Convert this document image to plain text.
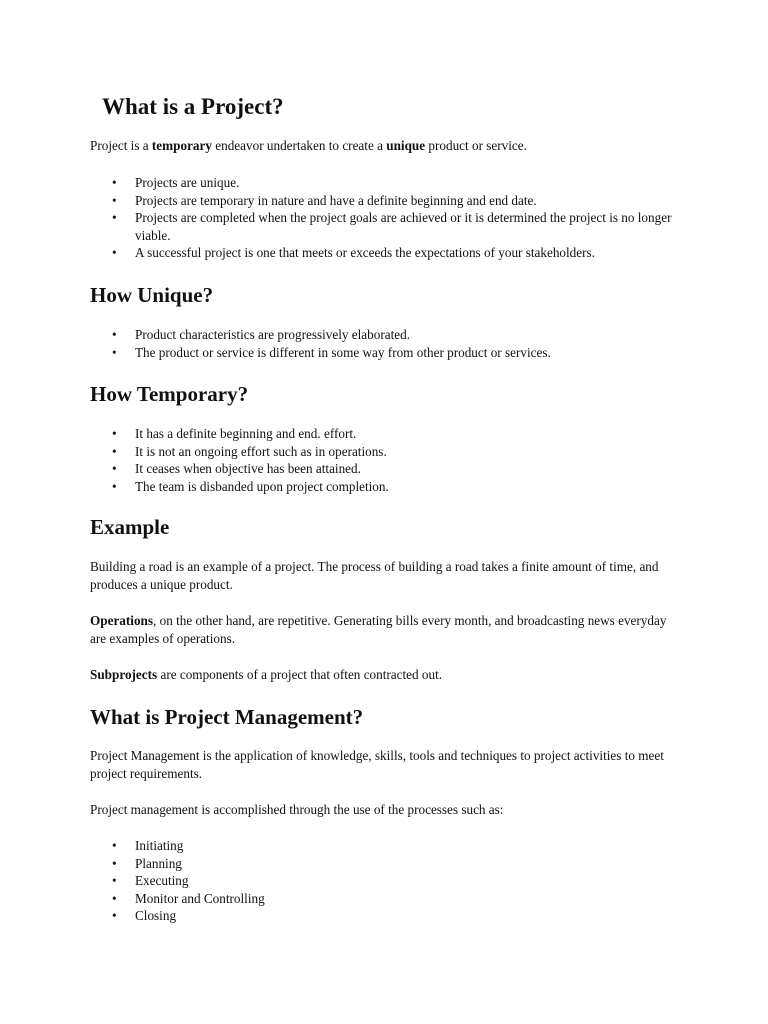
What is a Project?

Project is a temporary endeavor undertaken to create a unique product or service.

• Projects are unique.
• Projects are temporary in nature and have a definite beginning and end date.
• Projects are completed when the project goals are achieved or it is determined the project is no longer viable.
• A successful project is one that meets or exceeds the expectations of your stakeholders.
How Unique?
• Product characteristics are progressively elaborated.
• The product or service is different in some way from other product or services.
How Temporary?
• It has a definite beginning and end. effort.
• It is not an ongoing effort such as in operations.
• It ceases when objective has been attained.
• The team is disbanded upon project completion.
Example

Building a road is an example of a project. The process of building a road takes a finite amount of time, and produces a unique product.

Operations, on the other hand, are repetitive. Generating bills every month, and broadcasting news everyday are examples of operations.

Subprojects are components of a project that often contracted out.

What is Project Management?

Project Management is the application of knowledge, skills, tools and techniques to project activities to meet project requirements.

Project management is accomplished through the use of the processes such as:

• Initiating
• Planning
• Executing
• Monitor and Controlling
• Closing
